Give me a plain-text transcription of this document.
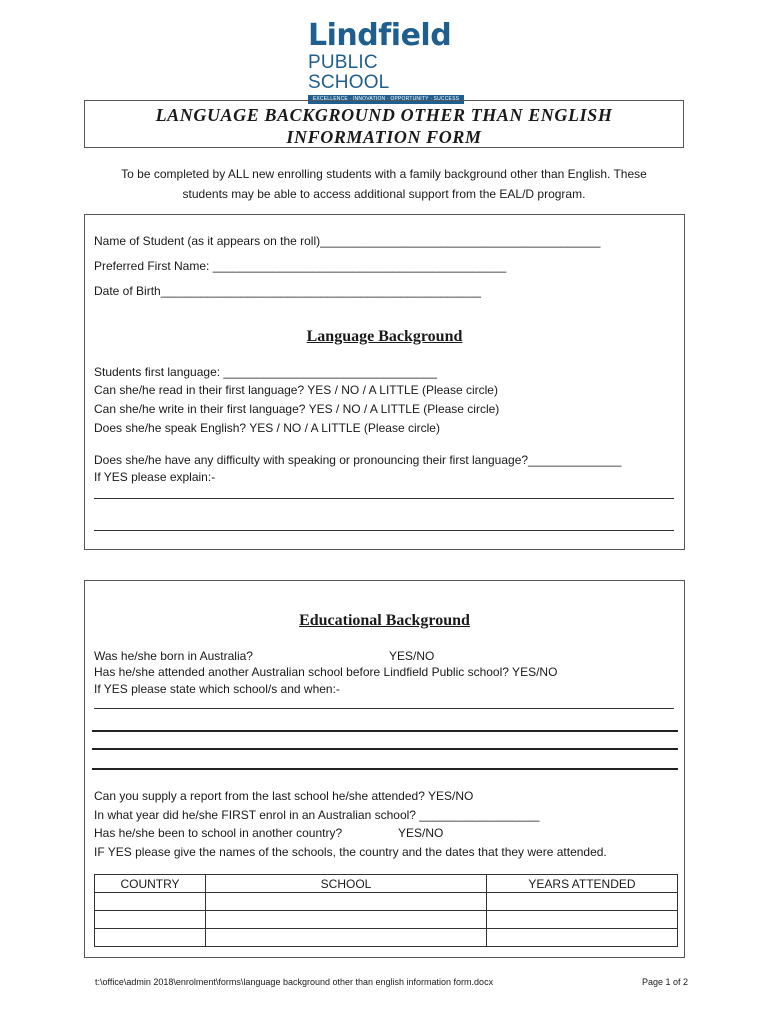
Lindfield
PUBLIC SCHOOL
EXCELLENCE · INNOVATION · OPPORTUNITY · SUCCESS
LANGUAGE BACKGROUND OTHER THAN ENGLISH
INFORMATION FORM
To be completed by ALL new enrolling students with a family background other than English. These
students may be able to access additional support from the EAL/D program.
Name of Student (as it appears on the roll)__________________________________________
Preferred First Name: ____________________________________________
Date of Birth________________________________________________
Language Background
Students first language: ________________________________
Can she/he read in their first language? YES / NO / A LITTLE (Please circle)
Can she/he write in their first language? YES / NO / A LITTLE (Please circle)
Does she/he speak English? YES / NO / A LITTLE (Please circle)
Does she/he have any difficulty with speaking or pronouncing their first language?______________
If YES please explain:-
Educational Background
Was he/she born in Australia?	YES/NO
Has he/she attended another Australian school before Lindfield Public school? YES/NO
If YES please state which school/s and when:-
Can you supply a report from the last school he/she attended? YES/NO
In what year did he/she FIRST enrol in an Australian school? __________________
Has he/she been to school in another country?	YES/NO
IF YES please give the names of the schools, the country and the dates that they were attended.
COUNTRY	SCHOOL	YEARS ATTENDED

t:\office\admin 2018\enrolment\forms\language background other than english information form.docx	Page 1 of 2
